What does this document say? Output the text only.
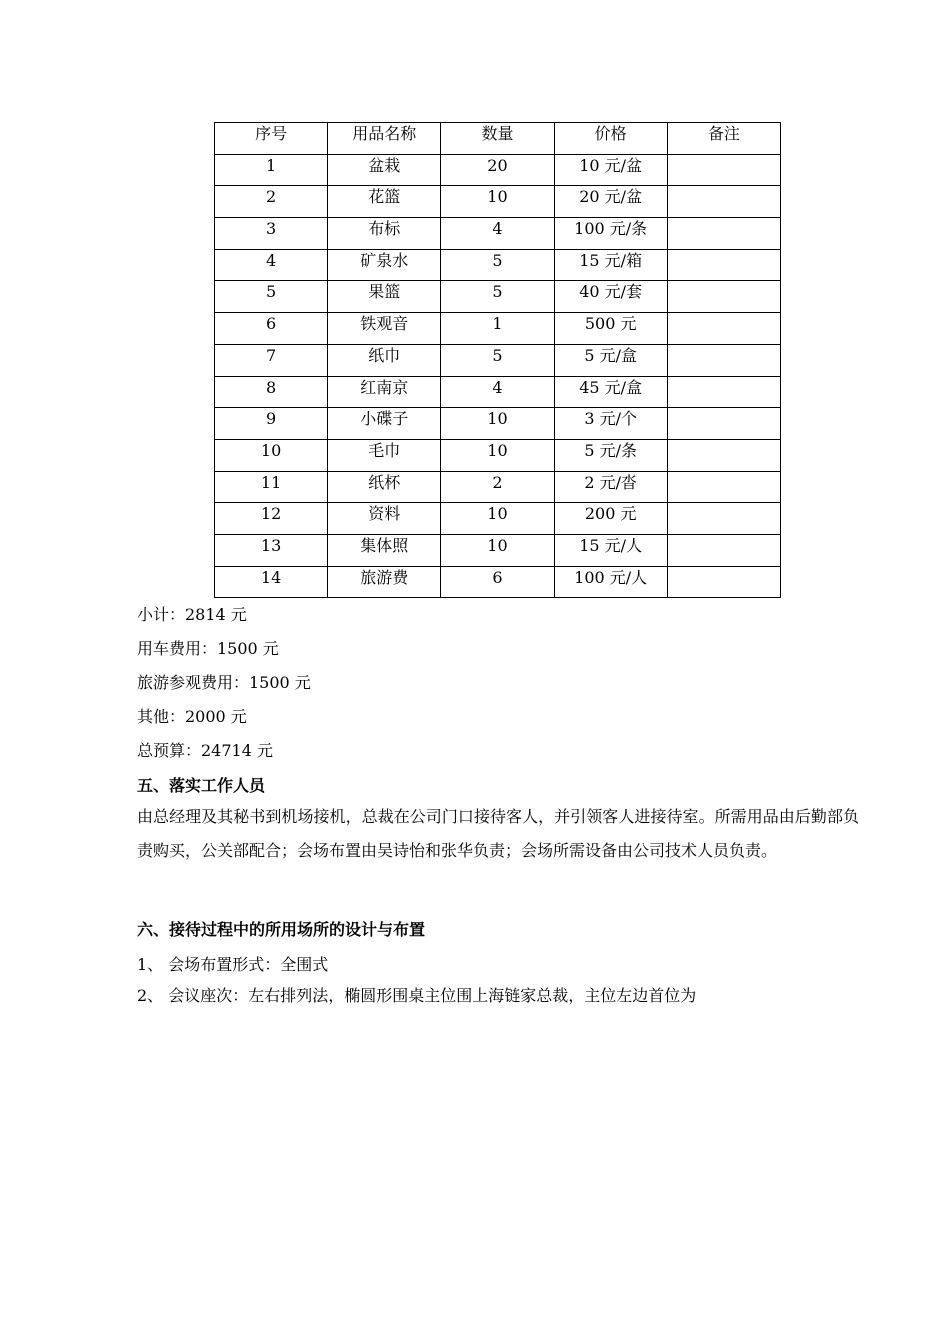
序号	用品名称	数量	价格	备注
1	盆栽	20	10 元/盆	
2	花篮	10	20 元/盆	
3	布标	4	100 元/条	
4	矿泉水	5	15 元/箱	
5	果篮	5	40 元/套	
6	铁观音	1	500 元	
7	纸巾	5	5 元/盒	
8	红南京	4	45 元/盒	
9	小碟子	10	3 元/个	
10	毛巾	10	5 元/条	
11	纸杯	2	2 元/沓	
12	资料	10	200 元	
13	集体照	10	15 元/人	
14	旅游费	6	100 元/人	
小计：2814 元
用车费用：1500 元
旅游参观费用：1500 元
其他：2000 元
总预算：24714 元
五、落实工作人员
由总经理及其秘书到机场接机，总裁在公司门口接待客人，并引领客人进接待室。所需用品由后勤部负责购买，公关部配合；会场布置由吴诗怡和张华负责；会场所需设备由公司技术人员负责。
六、接待过程中的所用场所的设计与布置
1、 会场布置形式：全围式
2、 会议座次：左右排列法，椭圆形围桌主位围上海链家总裁，主位左边首位为
